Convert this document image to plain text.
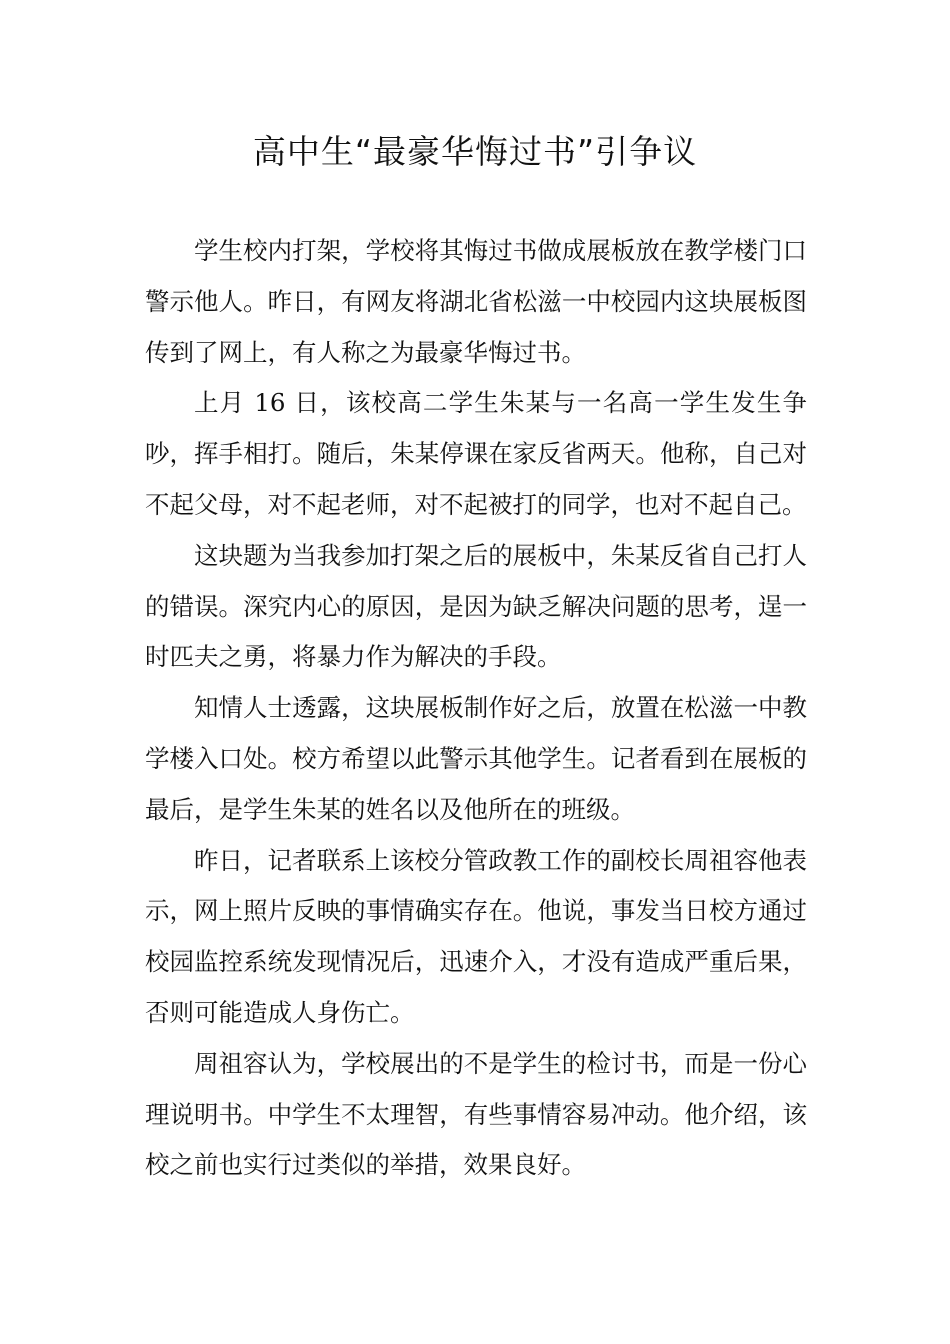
高中生“最豪华悔过书”引争议

学生校内打架，学校将其悔过书做成展板放在教学楼门口警示他人。昨日，有网友将湖北省松滋一中校园内这块展板图传到了网上，有人称之为最豪华悔过书。

上月 16 日，该校高二学生朱某与一名高一学生发生争吵，挥手相打。随后，朱某停课在家反省两天。他称，自己对不起父母，对不起老师，对不起被打的同学，也对不起自己。

这块题为当我参加打架之后的展板中，朱某反省自己打人的错误。深究内心的原因，是因为缺乏解决问题的思考，逞一时匹夫之勇，将暴力作为解决的手段。

知情人士透露，这块展板制作好之后，放置在松滋一中教学楼入口处。校方希望以此警示其他学生。记者看到在展板的最后，是学生朱某的姓名以及他所在的班级。

昨日，记者联系上该校分管政教工作的副校长周祖容他表示，网上照片反映的事情确实存在。他说，事发当日校方通过校园监控系统发现情况后，迅速介入，才没有造成严重后果，否则可能造成人身伤亡。

周祖容认为，学校展出的不是学生的检讨书，而是一份心理说明书。中学生不太理智，有些事情容易冲动。他介绍，该校之前也实行过类似的举措，效果良好。
